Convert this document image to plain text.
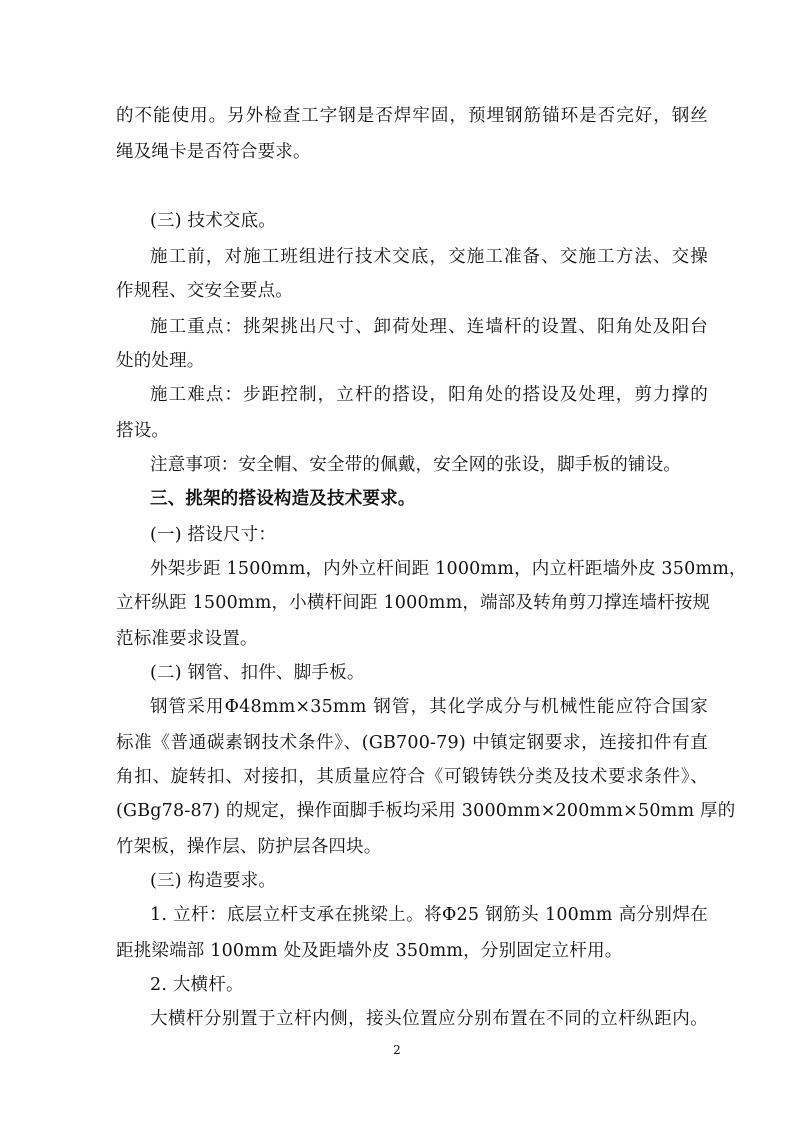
的不能使用。另外检查工字钢是否焊牢固，预埋钢筋锚环是否完好，钢丝
绳及绳卡是否符合要求。
(三) 技术交底。
施工前，对施工班组进行技术交底，交施工准备、交施工方法、交操
作规程、交安全要点。
施工重点：挑架挑出尺寸、卸荷处理、连墙杆的设置、阳角处及阳台
处的处理。
施工难点：步距控制，立杆的搭设，阳角处的搭设及处理，剪力撑的
搭设。
注意事项：安全帽、安全带的佩戴，安全网的张设，脚手板的铺设。
三、挑架的搭设构造及技术要求。
(一) 搭设尺寸：
外架步距 1500mm，内外立杆间距 1000mm，内立杆距墙外皮 350mm，
立杆纵距 1500mm，小横杆间距 1000mm，端部及转角剪刀撑连墙杆按规
范标准要求设置。
(二) 钢管、扣件、脚手板。
钢管采用Φ48mm×35mm 钢管，其化学成分与机械性能应符合国家
标准《普通碳素钢技术条件》、(GB700-79) 中镇定钢要求，连接扣件有直
角扣、旋转扣、对接扣，其质量应符合《可锻铸铁分类及技术要求条件》、
(GBg78-87) 的规定，操作面脚手板均采用 3000mm×200mm×50mm 厚的
竹架板，操作层、防护层各四块。
(三) 构造要求。
1. 立杆：底层立杆支承在挑梁上。将Φ25 钢筋头 100mm 高分别焊在
距挑梁端部 100mm 处及距墙外皮 350mm，分别固定立杆用。
2. 大横杆。
大横杆分别置于立杆内侧，接头位置应分别布置在不同的立杆纵距内。
2
